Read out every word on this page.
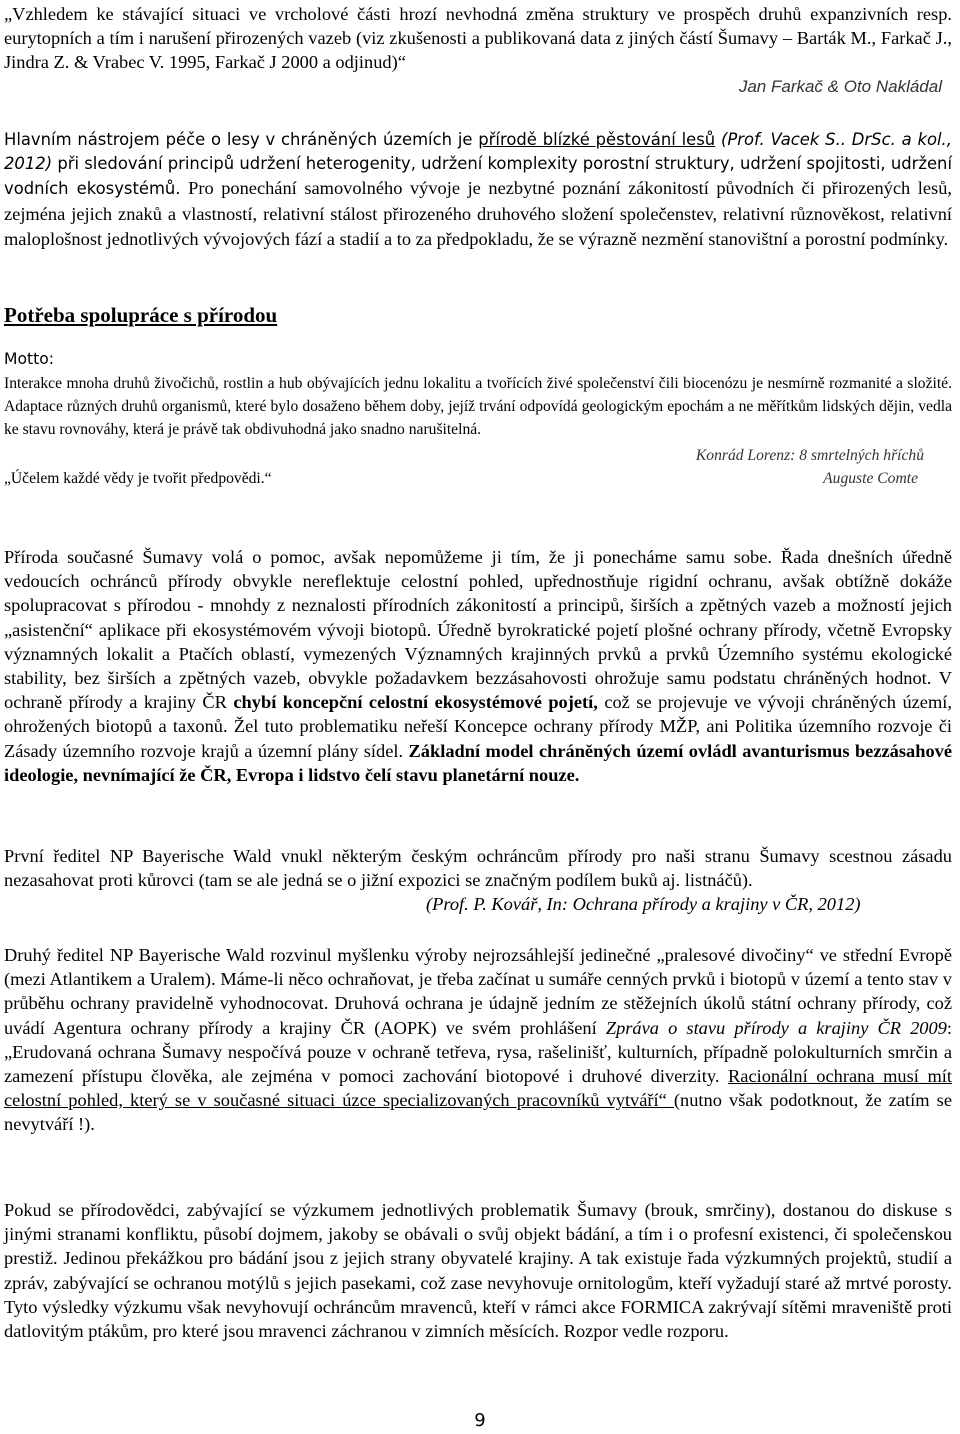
„Vzhledem ke stávající situaci ve vrcholové části hrozí nevhodná změna struktury ve prospěch druhů expanzivních resp. eurytopních a tím i narušení přirozených vazeb (viz zkušenosti a publikovaná data z jiných částí Šumavy – Barták M., Farkač J., Jindra Z. & Vrabec V. 1995, Farkač J 2000 a odjinud)“
Jan Farkač & Oto Nakládal

Hlavním nástrojem péče o lesy v chráněných územích je přírodě blízké pěstování lesů (Prof. Vacek S.. DrSc. a kol., 2012) při sledování principů udržení heterogenity, udržení komplexity porostní struktury, udržení spojitosti, udržení vodních ekosystémů. Pro ponechání samovolného vývoje je nezbytné poznání zákonitostí původních či přirozených lesů, zejména jejich znaků a vlastností, relativní stálost přirozeného druhového složení společenstev, relativní různověkost, relativní maloplošnost jednotlivých vývojových fází a stadií a to za předpokladu, že se výrazně nezmění stanovištní a porostní podmínky.

Potřeba spolupráce s přírodou

Motto:

Interakce mnoha druhů živočichů, rostlin a hub obývajících jednu lokalitu a tvořících živé společenství čili biocenózu je nesmírně rozmanité a složité. Adaptace různých druhů organismů, které bylo dosaženo během doby, jejíž trvání odpovídá geologickým epochám a ne měřítkům lidských dějin, vedla ke stavu rovnováhy, která je právě tak obdivuhodná jako snadno narušitelná.

Konrád Lorenz: 8 smrtelných hříchů

„Účelem každé vědy je tvořit předpovědi.“	Auguste Comte

Příroda současné Šumavy volá o pomoc, avšak nepomůžeme ji tím, že ji ponecháme samu sobe. Řada dnešních úředně vedoucích ochránců přírody obvykle nereflektuje celostní pohled, upřednostňuje rigidní ochranu, avšak obtížně dokáže spolupracovat s přírodou - mnohdy z neznalosti přírodních zákonitostí a principů, širších a zpětných vazeb a možností jejich „asistenční“ aplikace při ekosystémovém vývoji biotopů. Úředně byrokratické pojetí plošné ochrany přírody, včetně Evropsky významných lokalit a Ptačích oblastí, vymezených Významných krajinných prvků a prvků Územního systému ekologické stability, bez širších a zpětných vazeb, obvykle požadavkem bezzásahovosti ohrožuje samu podstatu chráněných hodnot. V ochraně přírody a krajiny ČR chybí koncepční celostní ekosystémové pojetí, což se projevuje ve vývoji chráněných území, ohrožených biotopů a taxonů. Žel tuto problematiku neřeší Koncepce ochrany přírody MŽP, ani Politika územního rozvoje či Zásady územního rozvoje krajů a územní plány sídel. Základní model chráněných území ovládl avanturismus bezzásahové ideologie, nevnímající že ČR, Evropa i lidstvo čelí stavu planetární nouze.

První ředitel NP Bayerische Wald vnukl některým českým ochráncům přírody pro naši stranu Šumavy scestnou zásadu nezasahovat proti kůrovci (tam se ale jedná se o jižní expozici se značným podílem buků aj. listnáčů).

(Prof. P. Kovář, In: Ochrana přírody a krajiny v ČR, 2012)

Druhý ředitel NP Bayerische Wald rozvinul myšlenku výroby nejrozsáhlejší jedinečné „pralesové divočiny“ ve střední Evropě (mezi Atlantikem a Uralem). Máme-li něco ochraňovat, je třeba začínat u sumáře cenných prvků i biotopů v území a tento stav v průběhu ochrany pravidelně vyhodnocovat. Druhová ochrana je údajně jedním ze stěžejních úkolů státní ochrany přírody, což uvádí Agentura ochrany přírody a krajiny ČR (AOPK) ve svém prohlášení Zpráva o stavu přírody a krajiny ČR 2009: „Erudovaná ochrana Šumavy nespočívá pouze v ochraně tetřeva, rysa, rašelinišť, kulturních, případně polokulturních smrčin a zamezení přístupu člověka, ale zejména v pomoci zachování biotopové i druhové diverzity. Racionální ochrana musí mít celostní pohled, který se v současné situaci úzce specializovaných pracovníků vytváří“ (nutno však podotknout, že zatím se nevytváří !).

Pokud se přírodovědci, zabývající se výzkumem jednotlivých problematik Šumavy (brouk, smrčiny), dostanou do diskuse s jinými stranami konfliktu, působí dojmem, jakoby se obávali o svůj objekt bádání, a tím i o profesní existenci, či společenskou prestiž. Jedinou překážkou pro bádání jsou z jejich strany obyvatelé krajiny. A tak existuje řada výzkumných projektů, studií a zpráv, zabývající se ochranou motýlů s jejich pasekami, což zase nevyhovuje ornitologům, kteří vyžadují staré až mrtvé porosty. Tyto výsledky výzkumu však nevyhovují ochráncům mravenců, kteří v rámci akce FORMICA zakrývají sítěmi mraveniště proti datlovitým ptákům, pro které jsou mravenci záchranou v zimních měsících. Rozpor vedle rozporu.

9
